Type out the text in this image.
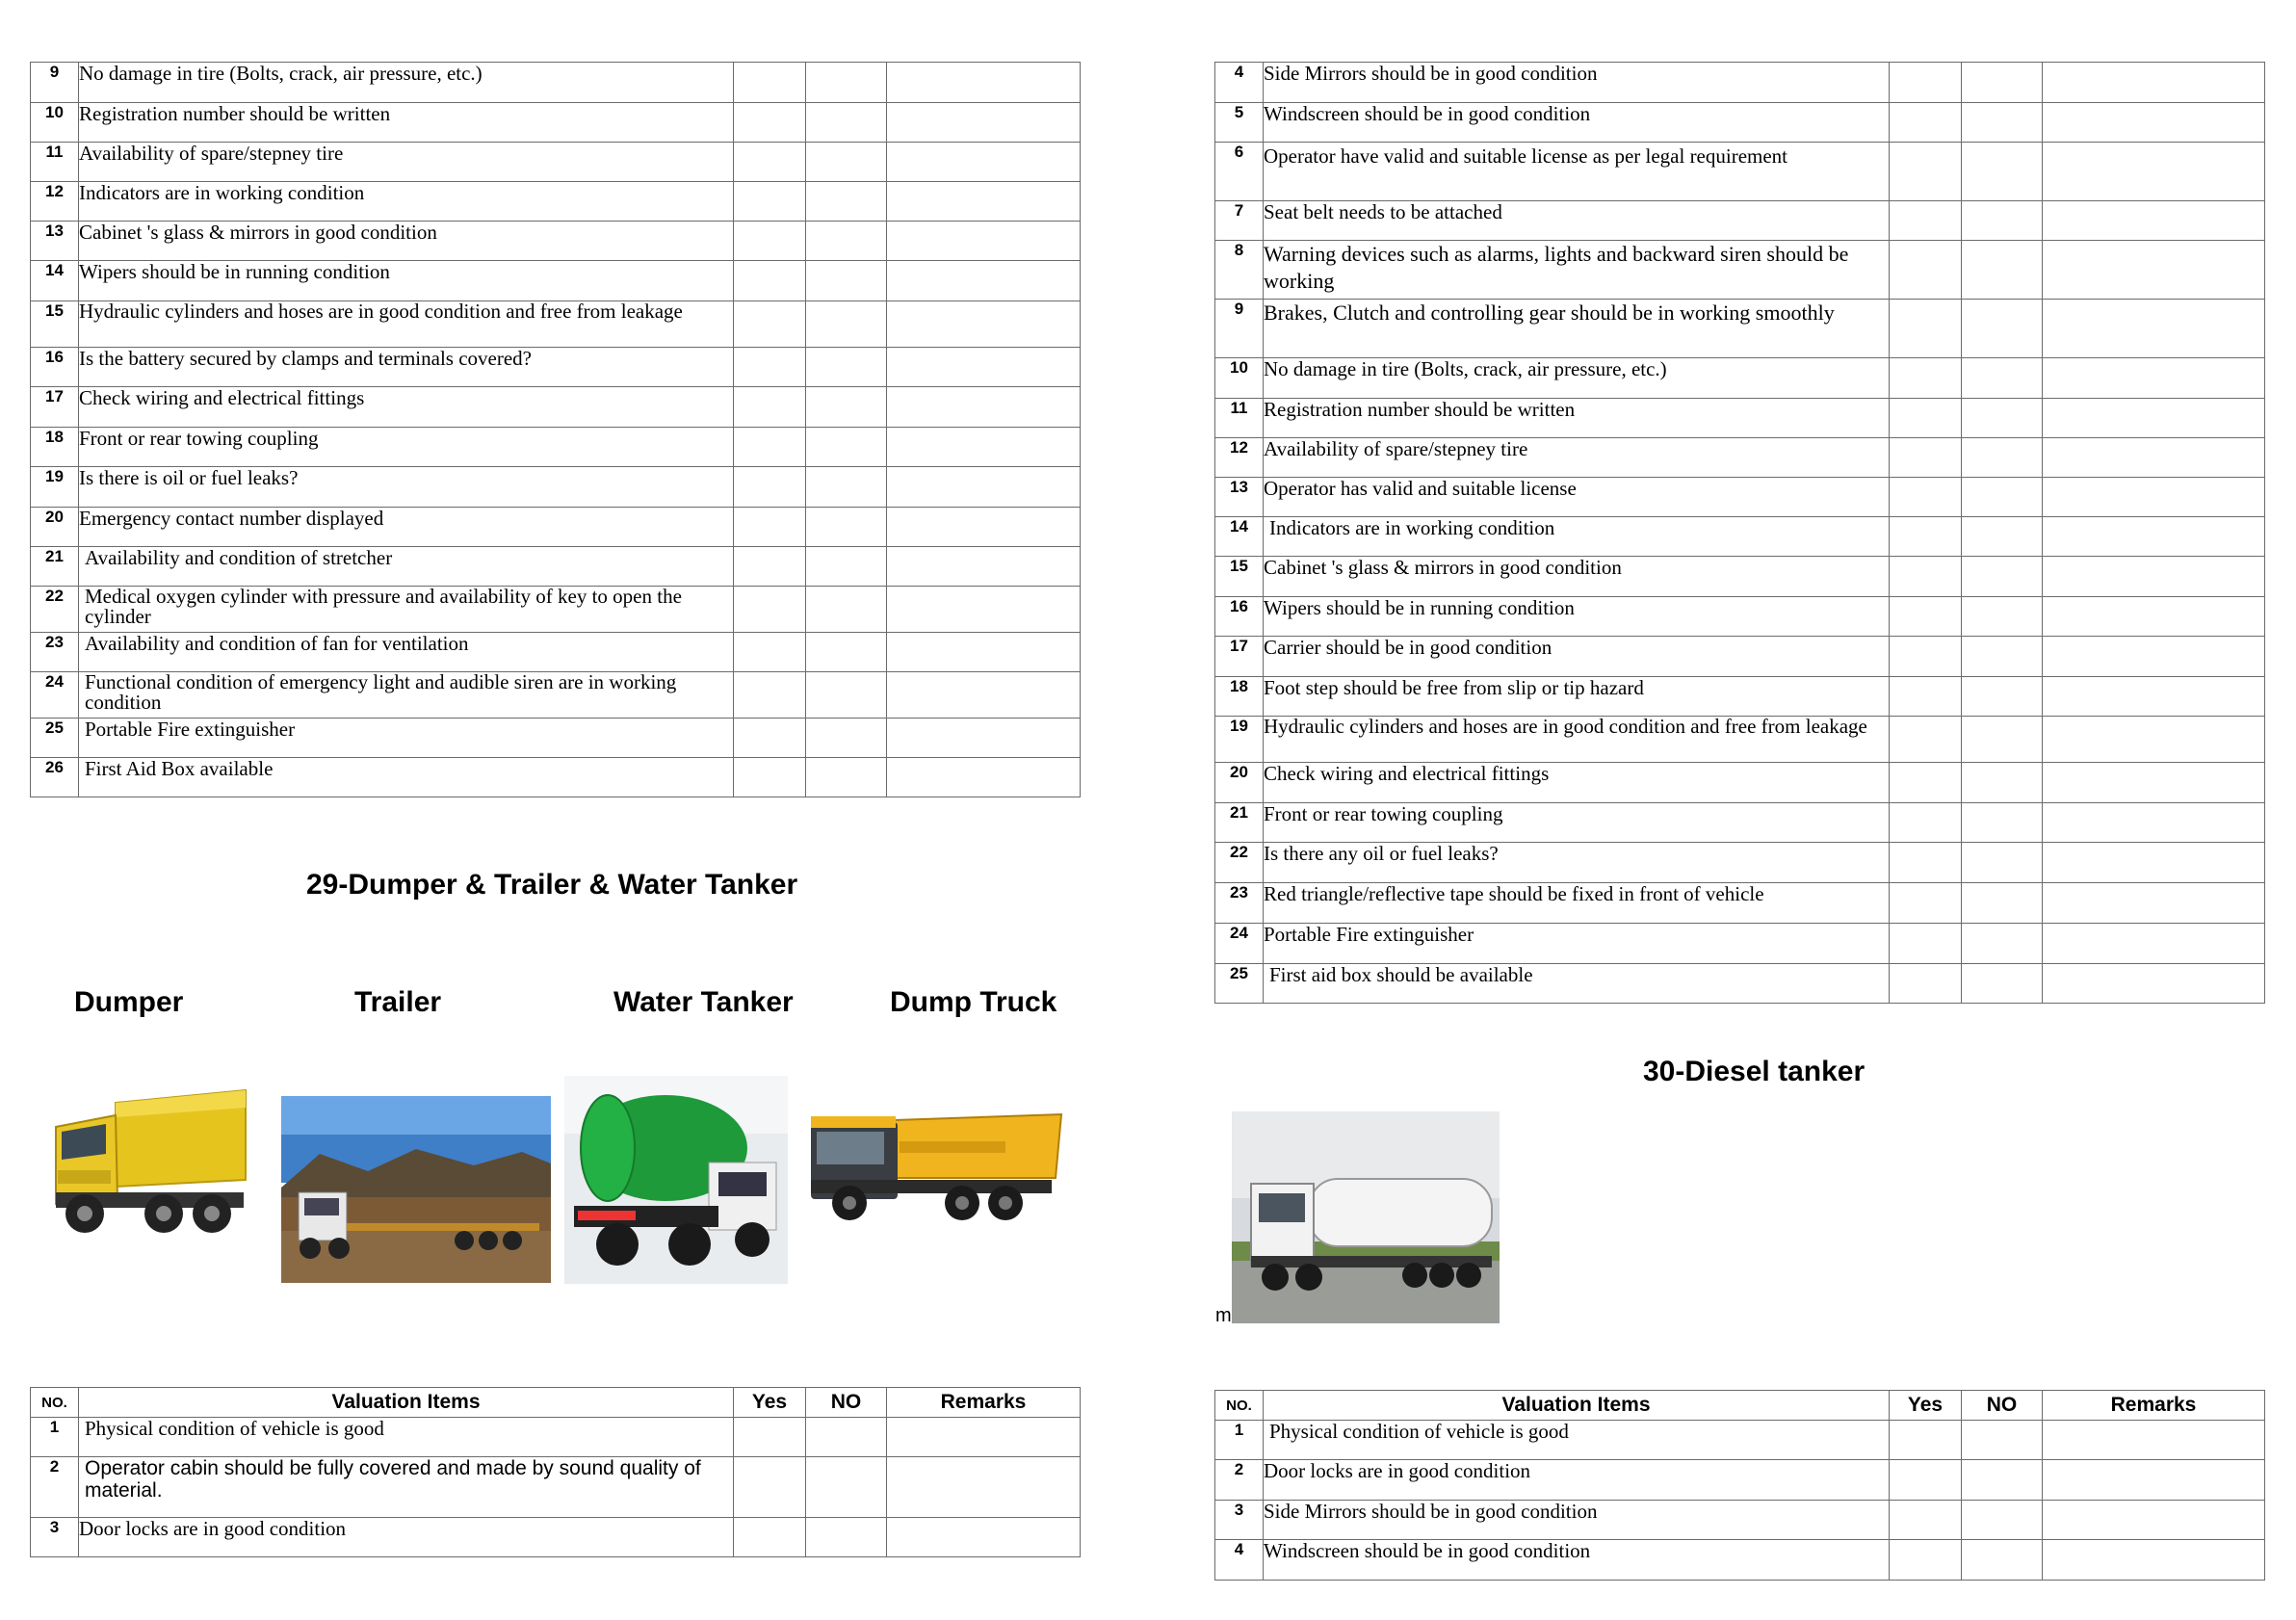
9	No damage in tire (Bolts, crack, air pressure, etc.)			
10	Registration number should be written			
11	Availability of spare/stepney tire			
12	Indicators are in working condition			
13	Cabinet 's glass & mirrors in good condition			
14	Wipers should be in running condition			
15	Hydraulic cylinders and hoses are in good condition and free from leakage			
16	Is the battery secured by clamps and terminals covered?			
17	Check wiring and electrical fittings			
18	Front or rear towing coupling			
19	Is there is oil or fuel leaks?			
20	Emergency contact number displayed			
21	Availability and condition of stretcher			
22	Medical oxygen cylinder with pressure and availability of key to open the cylinder			
23	Availability and condition of fan for ventilation			
24	Functional condition of emergency light and audible siren are in working condition			
25	Portable Fire extinguisher			
26	First Aid Box available			
29-Dumper & Trailer & Water Tanker
Dumper	Trailer	Water Tanker	Dump Truck
NO.	Valuation Items	Yes	NO	Remarks
1	Physical condition of vehicle is good			
2	Operator cabin should be fully covered and made by sound quality of material.			
3	Door locks are in good condition			
4	Side Mirrors should be in good condition			
5	Windscreen should be in good condition			
6	Operator have valid and suitable license as per legal requirement			
7	Seat belt needs to be attached			
8	Warning devices such as alarms, lights and backward siren should be working			
9	Brakes, Clutch and controlling gear should be in working smoothly			
10	No damage in tire (Bolts, crack, air pressure, etc.)			
11	Registration number should be written			
12	Availability of spare/stepney tire			
13	Operator has valid and suitable license			
14	Indicators are in working condition			
15	Cabinet 's glass & mirrors in good condition			
16	Wipers should be in running condition			
17	Carrier should be in good condition			
18	Foot step should be free from slip or tip hazard			
19	Hydraulic cylinders and hoses are in good condition and free from leakage			
20	Check wiring and electrical fittings			
21	Front or rear towing coupling			
22	Is there any oil or fuel leaks?			
23	Red triangle/reflective tape should be fixed in front of vehicle			
24	Portable Fire extinguisher			
25	First aid box should be available			
30-Diesel tanker
m
NO.	Valuation Items	Yes	NO	Remarks
1	Physical condition of vehicle is good			
2	Door locks are in good condition			
3	Side Mirrors should be in good condition			
4	Windscreen should be in good condition			
